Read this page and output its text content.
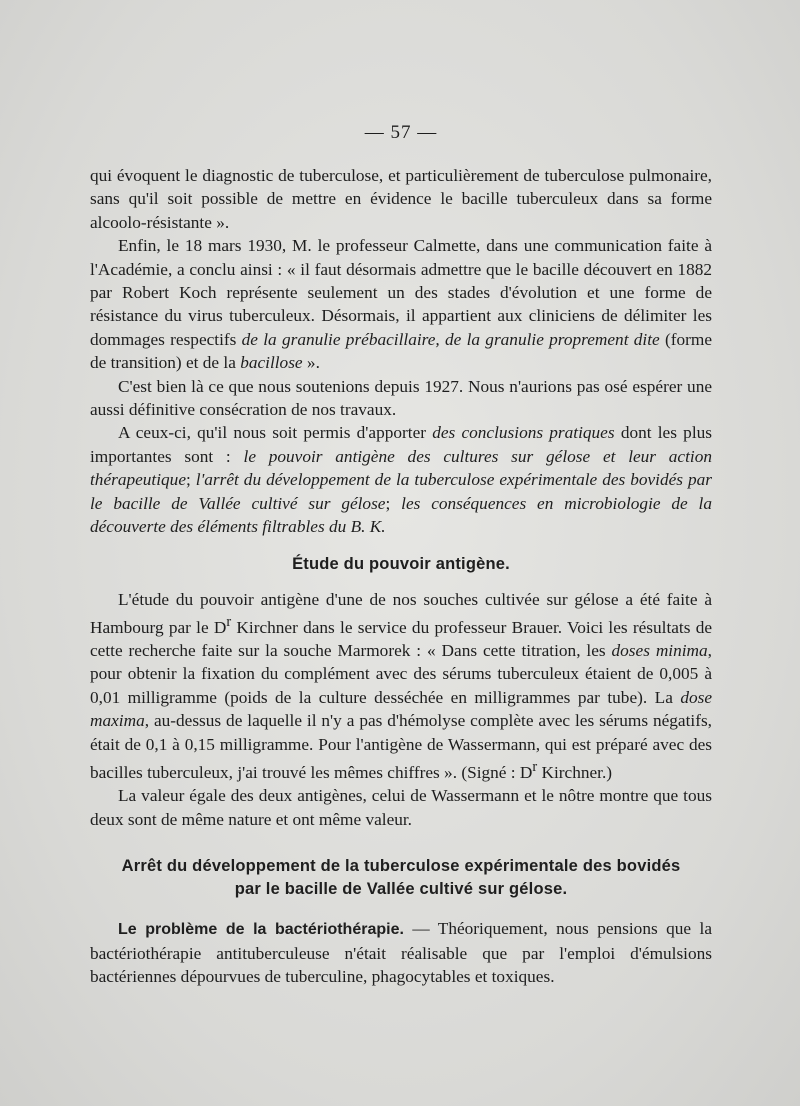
— 57 —

qui évoquent le diagnostic de tuberculose, et particulièrement de tuberculose pulmonaire, sans qu'il soit possible de mettre en évidence le bacille tuberculeux dans sa forme alcoolo-résistante ».

Enfin, le 18 mars 1930, M. le professeur Calmette, dans une communication faite à l'Académie, a conclu ainsi : « il faut désormais admettre que le bacille découvert en 1882 par Robert Koch représente seulement un des stades d'évolution et une forme de résistance du virus tuberculeux. Désormais, il appartient aux cliniciens de délimiter les dommages respectifs de la granulie prébacillaire, de la granulie proprement dite (forme de transition) et de la bacillose ».

C'est bien là ce que nous soutenions depuis 1927. Nous n'aurions pas osé espérer une aussi définitive consécration de nos travaux.

A ceux-ci, qu'il nous soit permis d'apporter des conclusions pratiques dont les plus importantes sont : le pouvoir antigène des cultures sur gélose et leur action thérapeutique; l'arrêt du développement de la tuberculose expérimentale des bovidés par le bacille de Vallée cultivé sur gélose; les conséquences en microbiologie de la découverte des éléments filtrables du B. K.

Étude du pouvoir antigène.

L'étude du pouvoir antigène d'une de nos souches cultivée sur gélose a été faite à Hambourg par le $D^r$ Kirchner dans le service du professeur Brauer. Voici les résultats de cette recherche faite sur la souche Marmorek : « Dans cette titration, les doses minima, pour obtenir la fixation du complément avec des sérums tuberculeux étaient de 0,005 à 0,01 milligramme (poids de la culture desséchée en milligrammes par tube). La dose maxima, au-dessus de laquelle il n'y a pas d'hémolyse complète avec les sérums négatifs, était de 0,1 à 0,15 milligramme. Pour l'antigène de Wassermann, qui est préparé avec des bacilles tuberculeux, j'ai trouvé les mêmes chiffres ». (Signé : $D^r$ Kirchner.)

La valeur égale des deux antigènes, celui de Wassermann et le nôtre montre que tous deux sont de même nature et ont même valeur.

Arrêt du développement de la tuberculose expérimentale des bovidés
par le bacille de Vallée cultivé sur gélose.

Le problème de la bactériothérapie. — Théoriquement, nous pensions que la bactériothérapie antituberculeuse n'était réalisable que par l'emploi d'émulsions bactériennes dépourvues de tuberculine, phagocytables et toxiques.
